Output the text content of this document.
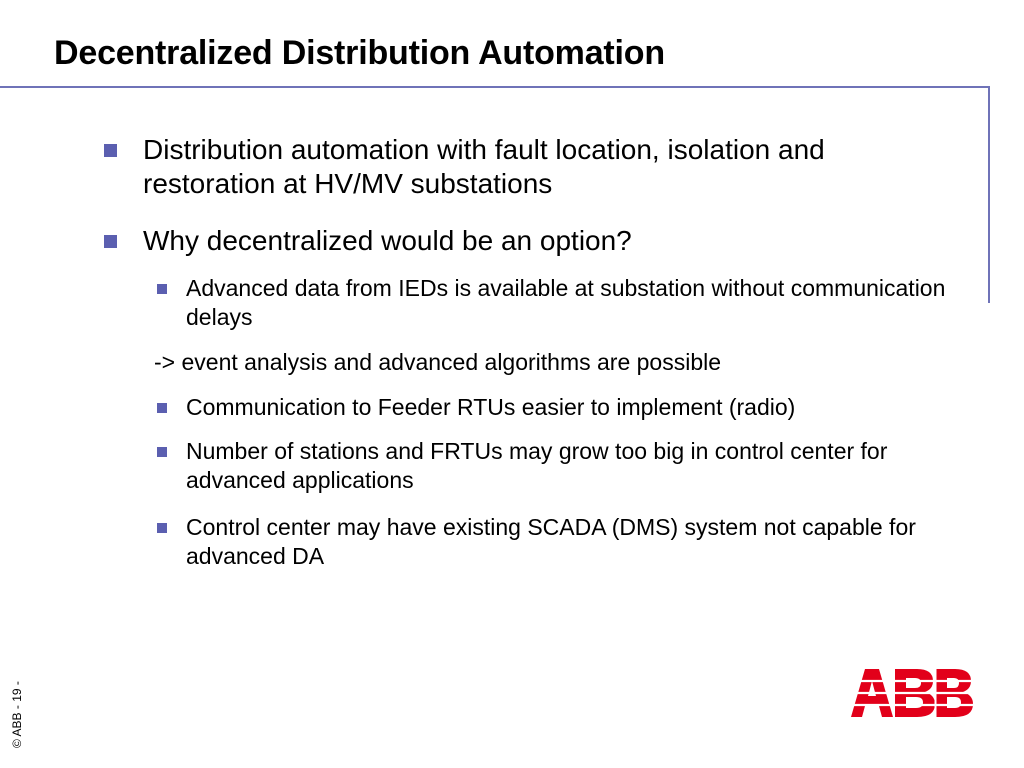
Decentralized Distribution Automation
Distribution automation with fault location, isolation and restoration at HV/MV substations
Why decentralized would be an option?
Advanced data from IEDs is available at substation without communication delays
-> event analysis and advanced algorithms are possible
Communication to Feeder RTUs easier to implement (radio)
Number of stations and FRTUs may grow too big in control center for advanced applications
Control center may have existing SCADA (DMS) system not capable for advanced DA
© ABB - 19 -
